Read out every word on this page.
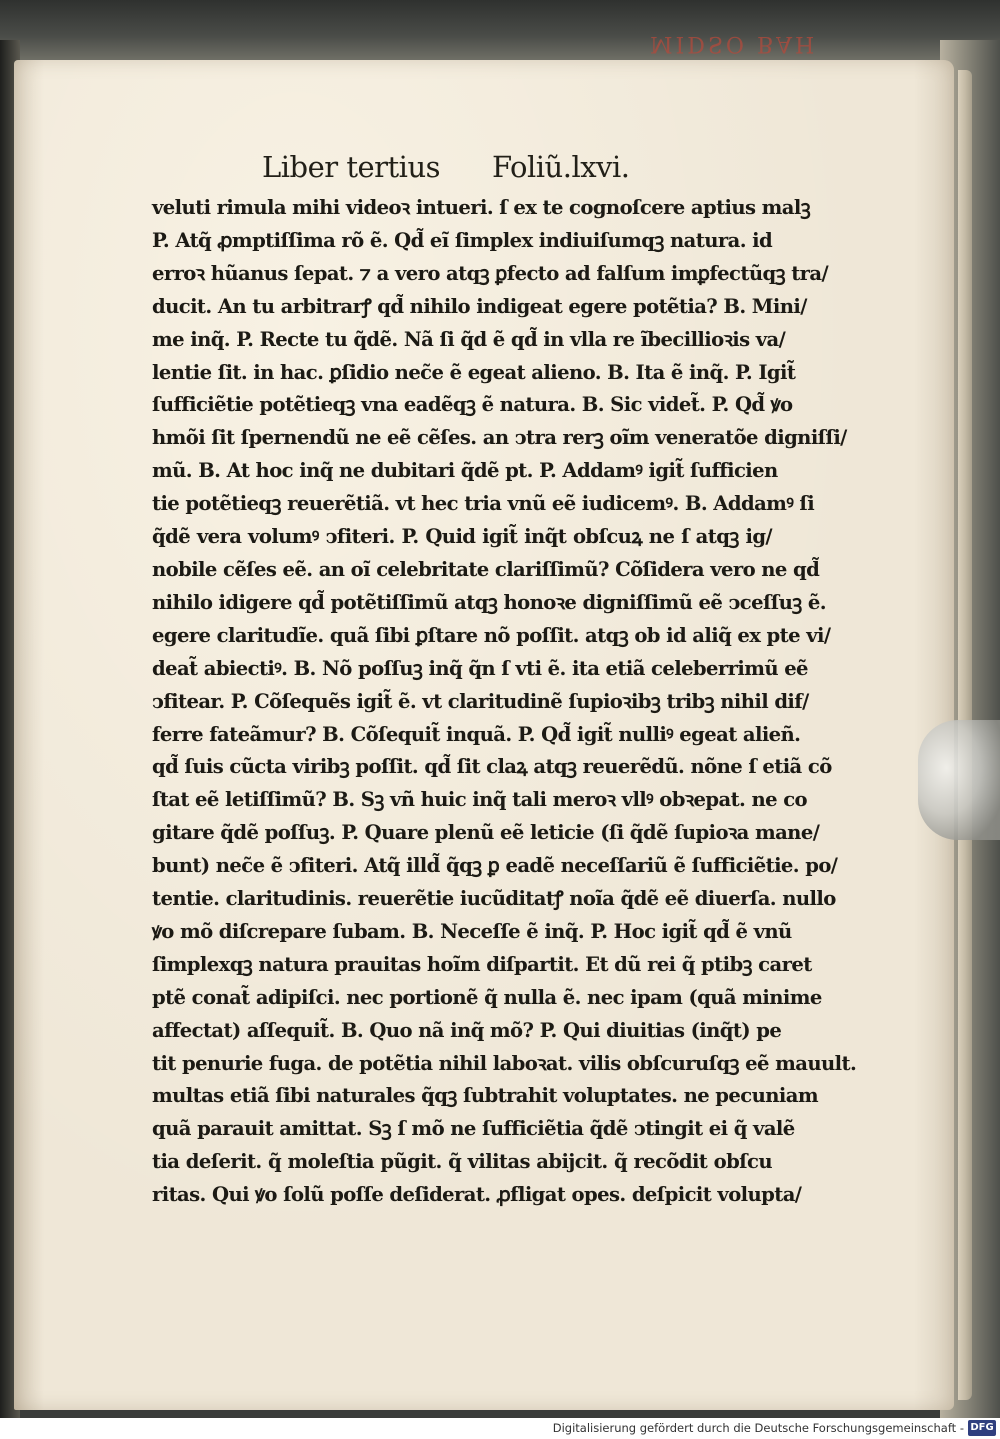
MIDSO BAH
Liber tertius Foliũ.lxvi.
veluti rimula mihi videoꝛ intueri. ſ ex te cognoſcere aptius malꝫ
P. Atq̃ ꝓmptiſſima rõ ẽ. Qd̃ eĩ ſimplex indiuiſumqꝫ natura. id
erroꝛ hũanus ſepat. ⁊ a vero atqꝫ ꝑfecto ad falſum imꝑfectũqꝫ tra/
ducit. An tu arbitrarꝭ qd̃ nihilo indigeat egere potẽtia? B. Mini/
me inq̃. P. Recte tu q̃dẽ. Nã ſi q̃d ẽ qd̃ in vlla re ĩbecillioꝛis va/
lentie ſit. in hac. ꝑſidio nec̃e ẽ egeat alieno. B. Ita ẽ inq̃. P. Igit̃
ſufficiẽtie potẽtieqꝫ vna eadẽqꝫ ẽ natura. B. Sic videt̃. P. Qd̃ ꝟo
hmõi ſit ſpernendũ ne eẽ cẽſes. an ↄtra rerꝫ oĩm veneratõe digniſſi/
mũ. B. At hoc inq̃ ne dubitari q̃dẽ pt. P. Addamꝰ igit̃ ſufficien
tie potẽtieqꝫ reuerẽtiã. vt hec tria vnũ eẽ iudicemꝰ. B. Addamꝰ ſi
q̃dẽ vera volumꝰ ↄfiteri. P. Quid igit̃ inq̃t obſcuꝝ ne ſ atqꝫ ig/
nobile cẽſes eẽ. an oĩ celebritate clariſſimũ? Cõſidera vero ne qd̃
nihilo idigere qd̃ potẽtiſſimũ atqꝫ honoꝛe digniſſimũ eẽ ↄceſſuꝫ ẽ.
egere claritudĩe. quã ſibi ꝑſtare nõ poſſit. atqꝫ ob id aliq̃ ex pte vi/
deat̃ abiectiꝰ. B. Nõ poſſuꝫ inq̃ q̃n ſ vti ẽ. ita etiã celeberrimũ eẽ
ↄfitear. P. Cõſequẽs igit̃ ẽ. vt claritudinẽ ſupioꝛibꝫ tribꝫ nihil dif/
ferre fateãmur? B. Cõſequit̃ inquã. P. Qd̃ igit̃ nulliꝰ egeat alieñ.
qd̃ ſuis cũcta viribꝫ poſſit. qd̃ ſit claꝝ atqꝫ reuerẽdũ. nõne ſ etiã cõ
ſtat eẽ letiſſimũ? B. Sꝫ vñ huic inq̃ tali meroꝛ vllꝰ obꝛepat. ne co
gitare q̃dẽ poſſuꝫ. P. Quare plenũ eẽ leticie (ſi q̃dẽ ſupioꝛa mane/
bunt) nec̃e ẽ ↄfiteri. Atq̃ illd̃ q̃qꝫ ꝑ eadẽ neceſſariũ ẽ ſufficiẽtie. po/
tentie. claritudinis. reuerẽtie iucũditatꝭ noĩa q̃dẽ eẽ diuerſa. nullo
ꝟo mõ diſcrepare ſubam. B. Neceſſe ẽ inq̃. P. Hoc igit̃ qd̃ ẽ vnũ
ſimplexqꝫ natura prauitas hoĩm diſpartit. Et dũ rei q̃ ptibꝫ caret
ptẽ conat̃ adipiſci. nec portionẽ q̃ nulla ẽ. nec ipam (quã minime
affectat) aſſequit̃. B. Quo nã inq̃ mõ? P. Qui diuitias (inq̃t) pe
tit penurie fuga. de potẽtia nihil laboꝛat. vilis obſcuruſqꝫ eẽ mauult.
multas etiã ſibi naturales q̃qꝫ ſubtrahit voluptates. ne pecuniam
quã parauit amittat. Sꝫ ſ mõ ne ſufficiẽtia q̃dẽ ↄtingit ei q̃ valẽ
tia deſerit. q̃ moleſtia pũgit. q̃ vilitas abijcit. q̃ recõdit obſcu
ritas. Qui ꝟo ſolũ poſſe deſiderat. ꝓfligat opes. deſpicit volupta/
Digitalisierung gefördert durch die Deutsche Forschungsgemeinschaft - DFG
